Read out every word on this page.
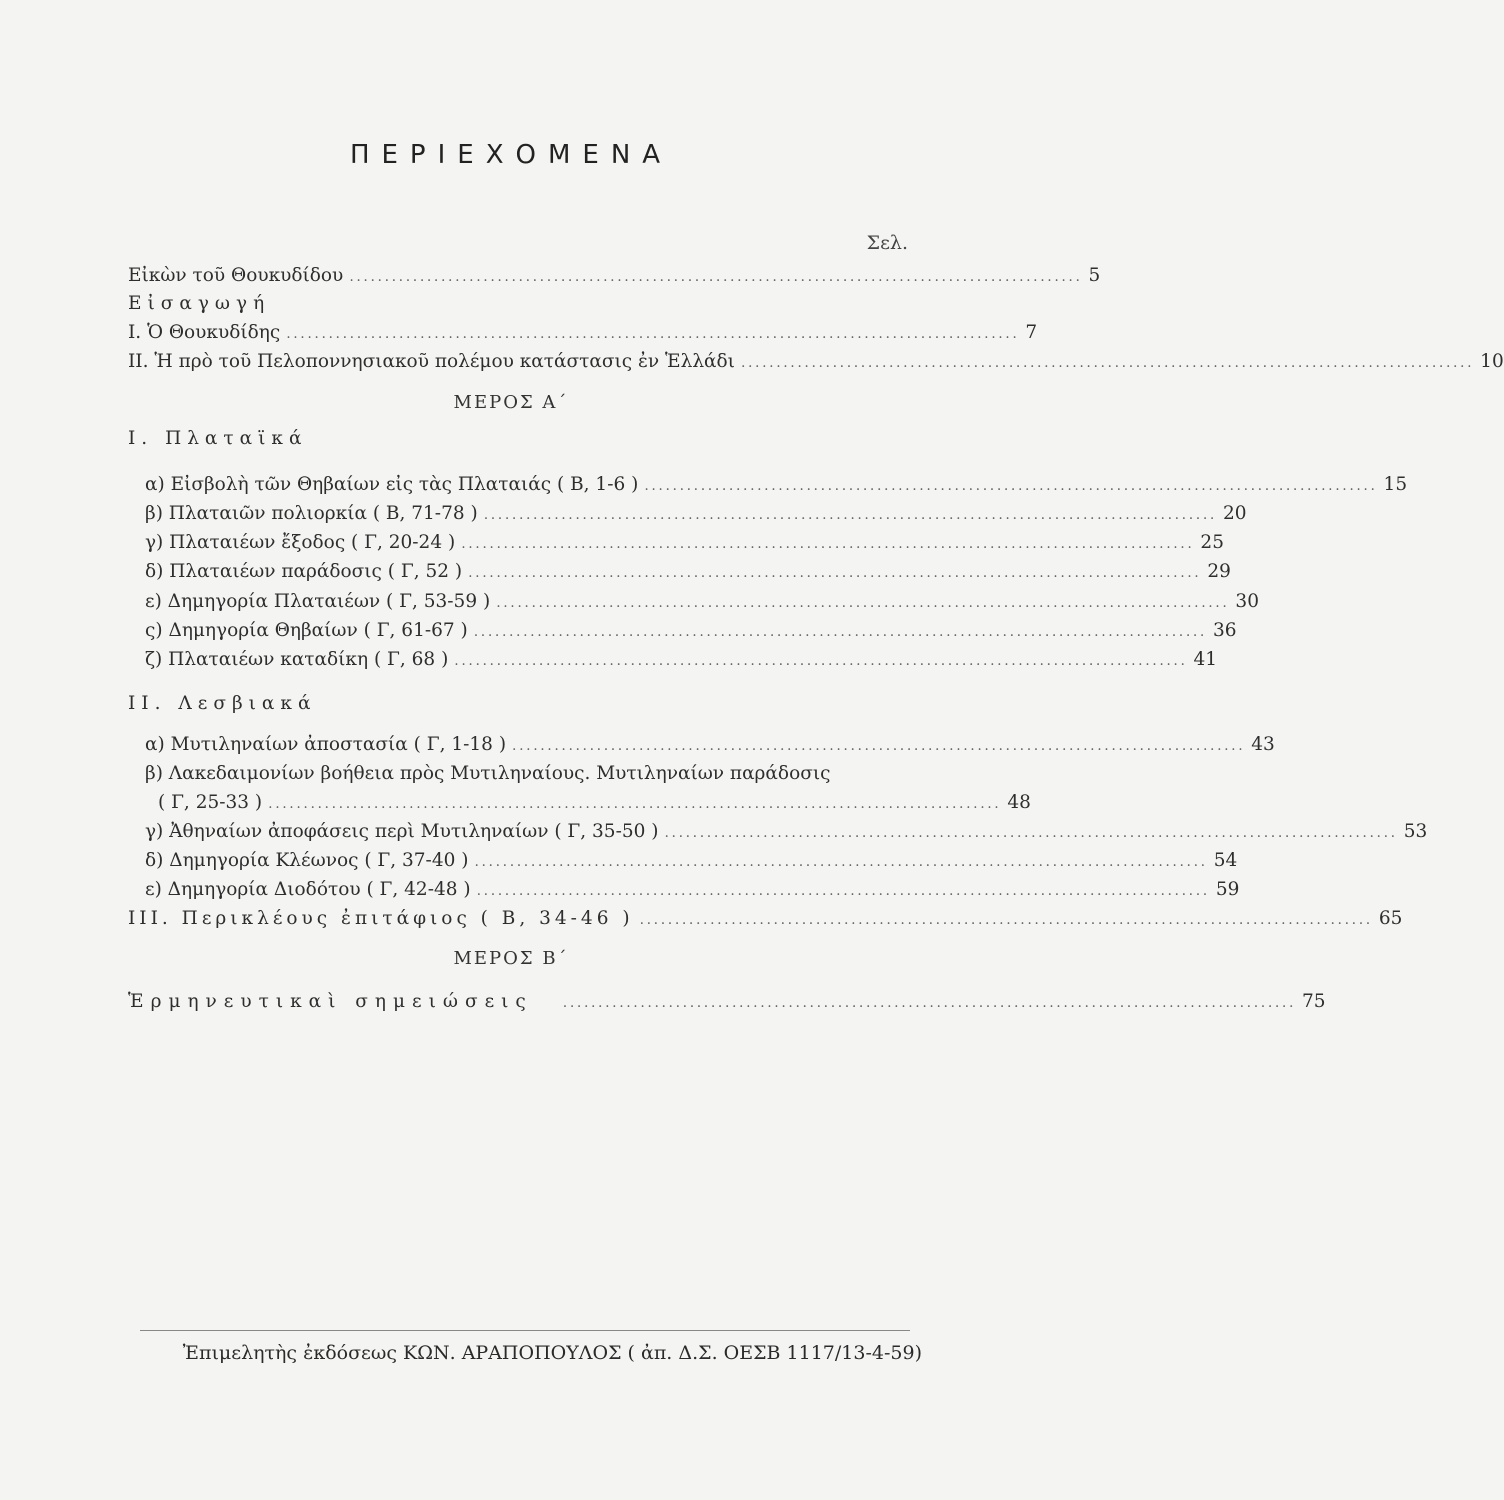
ΠΕΡΙΕΧΟΜΕΝΑ
Σελ.
Εἰκὼν τοῦ Θουκυδίδου ........................................................................................................ 5
Εἰσαγωγή
Ι. Ὁ Θουκυδίδης ........................................................................................................ 7
ΙΙ. Ἡ πρὸ τοῦ Πελοποννησιακοῦ πολέμου κατάστασις ἐν Ἑλλάδι ........................................................................................................ 10
ΜΕΡΟΣ Α΄
Ι. Πλαταϊκά
α) Εἰσβολὴ τῶν Θηβαίων εἰς τὰς Πλαταιάς ( Β, 1-6 ) ........................................................................................................ 15
β) Πλαταιῶν πολιορκία ( Β, 71-78 ) ........................................................................................................ 20
γ) Πλαταιέων ἔξοδος ( Γ, 20-24 ) ........................................................................................................ 25
δ) Πλαταιέων παράδοσις ( Γ, 52 ) ........................................................................................................ 29
ε) Δημηγορία Πλαταιέων ( Γ, 53-59 ) ........................................................................................................ 30
ς) Δημηγορία Θηβαίων ( Γ, 61-67 ) ........................................................................................................ 36
ζ) Πλαταιέων καταδίκη ( Γ, 68 ) ........................................................................................................ 41
ΙΙ. Λεσβιακά
α) Μυτιληναίων ἀποστασία ( Γ, 1-18 ) ........................................................................................................ 43
β) Λακεδαιμονίων βοήθεια πρὸς Μυτιληναίους. Μυτιληναίων παράδοσις
( Γ, 25-33 ) ........................................................................................................ 48
γ) Ἀθηναίων ἀποφάσεις περὶ Μυτιληναίων ( Γ, 35-50 ) ........................................................................................................ 53
δ) Δημηγορία Κλέωνος ( Γ, 37-40 ) ........................................................................................................ 54
ε) Δημηγορία Διοδότου ( Γ, 42-48 ) ........................................................................................................ 59
ΙΙΙ. Περικλέους ἐπιτάφιος ( Β, 34-46 ) ........................................................................................................ 65
ΜΕΡΟΣ Β΄
Ἑρμηνευτικαὶ σημειώσεις ........................................................................................................ 75
Ἐπιμελητὴς ἐκδόσεως ΚΩΝ. ΑΡΑΠΟΠΟΥΛΟΣ ( ἀπ. Δ.Σ. ΟΕΣΒ 1117/13-4-59)
